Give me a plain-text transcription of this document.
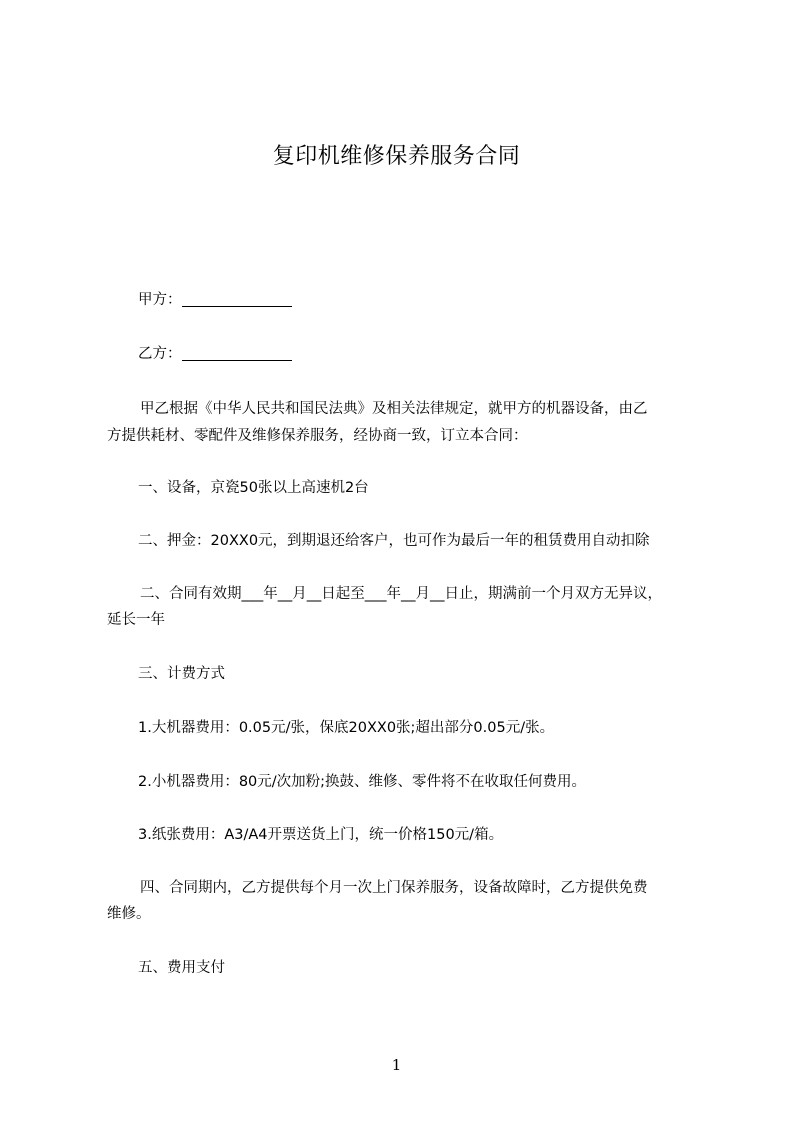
复印机维修保养服务合同
甲方：
乙方：
甲乙根据《中华人民共和国民法典》及相关法律规定，就甲方的机器设备，由乙
方提供耗材、零配件及维修保养服务，经协商一致，订立本合同：
一、设备，京瓷50张以上高速机2台
二、押金：20XX0元，到期退还给客户，也可作为最后一年的租赁费用自动扣除
二、合同有效期___年__月__日起至___年__月__日止，期满前一个月双方无异议，
延长一年
三、计费方式
1.大机器费用：0.05元/张，保底20XX0张;超出部分0.05元/张。
2.小机器费用：80元/次加粉;换鼓、维修、零件将不在收取任何费用。
3.纸张费用：A3/A4开票送货上门，统一价格150元/箱。
四、合同期内，乙方提供每个月一次上门保养服务，设备故障时，乙方提供免费
维修。
五、费用支付
1
